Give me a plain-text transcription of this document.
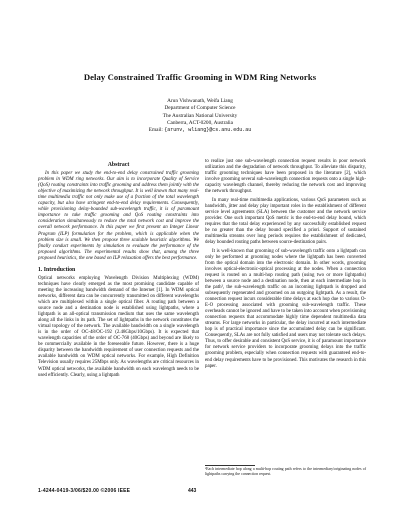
Delay Constrained Traffic Grooming in WDM Ring Networks
Arun Vishwanath, Weifa Liang
Department of Computer Science
The Australian National University
Canberra, ACT-0200, Australia
Email: {arunv, wliang}@cs.anu.edu.au
Abstract

In this paper we study the end-to-end delay constrained traffic grooming problem in WDM ring networks. Our aim is to incorporate Quality of Service (QoS) routing constraints into traffic grooming and address them jointly with the objective of maximizing the network throughput. It is well known that many real-time multimedia traffic not only make use of a fraction of the total wavelength capacity, but also have stringent end-to-end delay requirements. Consequently, while provisioning delay-bounded sub-wavelength traffic, it is of paramount importance to take traffic grooming and QoS routing constraints into consideration simultaneously to reduce the total network cost and improve the overall network performance. In this paper we first present an Integer Linear Program (ILP) formulation for the problem, which is applicable when the problem size is small. We then propose three scalable heuristic algorithms. We finally conduct experiments by simulation to evaluate the performance of the proposed algorithms. The experimental results show that, among the three proposed heuristics, the one based on ILP relaxation offers the best performance.

1. Introduction

Optical networks employing Wavelength Division Multiplexing (WDM) techniques have clearly emerged as the most promising candidate capable of meeting the increasing bandwidth demand of the Internet [1]. In WDM optical networks, different data can be concurrently transmitted on different wavelengths which are multiplexed within a single optical fiber. A routing path between a source node and a destination node is established using lightpaths, where a lightpath is an all-optical transmission medium that uses the same wavelength along all the links in its path. The set of lightpaths in the network constitutes the virtual topology of the network. The available bandwidth on a single wavelength is in the order of OC-48/OC-192 (2.48Gbps/10Gbps). It is expected that wavelength capacities of the order of OC-768 (40Gbps) and beyond are likely to be commercially available in the foreseeable future. However, there is a huge disparity between the bandwidth requirement of user connection requests and the available bandwidth on WDM optical networks. For example, High Definition Television usually requires 25Mbps only. As wavelengths are critical resources in WDM optical networks, the available bandwidth on each wavelength needs to be used efficiently. Clearly, using a lightpath

to realize just one sub-wavelength connection request results in poor network utilization and the degradation of network throughput. To alleviate this disparity, traffic grooming techniques have been proposed in the literature [2], which involve grooming several sub-wavelength connection requests onto a single high-capacity wavelength channel, thereby reducing the network cost and improving the network throughput.

In many real-time multimedia applications, various QoS parameters such as bandwidth, jitter and delay play important roles in the establishment of different service level agreements (SLA) between the customer and the network service provider. One such important QoS metric is the end-to-end delay bound, which requires that the total delay experienced by any successfully established request be no greater than the delay bound specified a priori. Support of sustained multimedia streams over long periods requires the establishment of dedicated, delay bounded routing paths between source-destination pairs.

It is well-known that grooming of sub-wavelength traffic onto a lightpath can only be performed at grooming nodes where the lightpath has been converted from the optical domain into the electronic domain. In other words, grooming involves optical-electronic-optical processing at the nodes. When a connection request is routed on a multi-hop routing path (using two or more lightpaths) between a source node and a destination node, then at each intermediate hop in the path¹, the sub-wavelength traffic on an incoming lightpath is dropped and subsequently regenerated and groomed on an outgoing lightpath. As a result, the connection request incurs considerable time delays at each hop due to various O-E-O processing associated with grooming sub-wavelength traffic. These overheads cannot be ignored and have to be taken into account when provisioning connection requests that accommodate highly time dependent multimedia data streams. For large networks in particular, the delay incurred at each intermediate hop is of practical importance since the accumulated delay can be significant. Consequently, SLAs are not fully satisfied and users may not tolerate such delays. Thus, to offer desirable and consistent QoS service, it is of paramount importance for network service providers to incorporate grooming delays into the traffic grooming problem, especially when connection requests with guaranteed end-to-end delay requirements have to be provisioned. This motivates the research in this paper.

¹Each intermediate hop along a multi-hop routing path refers to the intermediary/originating nodes of lightpaths carrying the connection request.
1-4244-0419-3/06/$20.00 ©2006 IEEE	443
